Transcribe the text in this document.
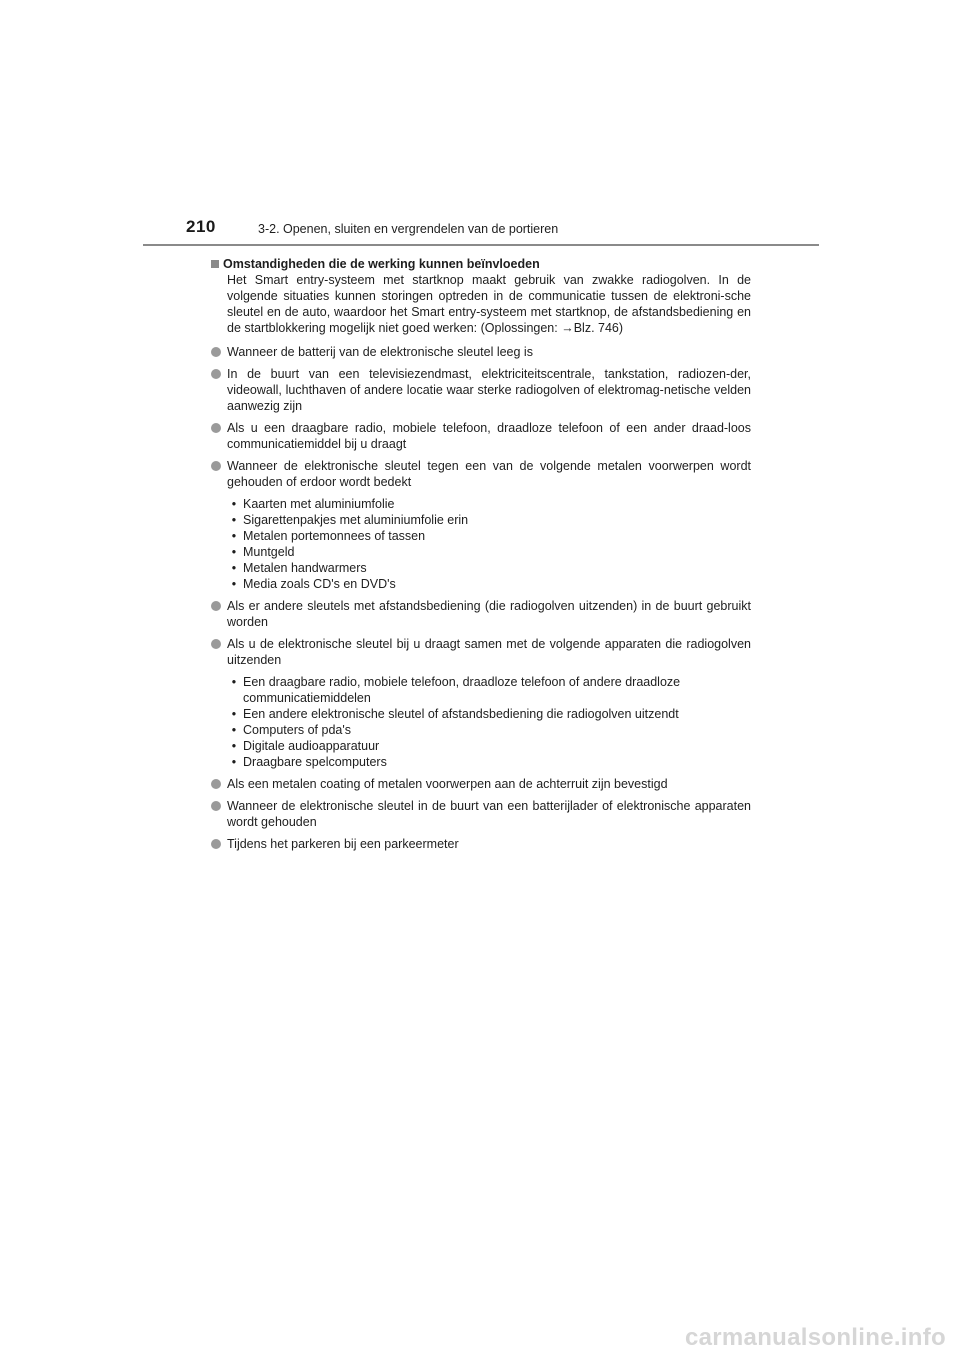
210	3-2. Openen, sluiten en vergrendelen van de portieren
Omstandigheden die de werking kunnen beïnvloeden
Het Smart entry-systeem met startknop maakt gebruik van zwakke radiogolven. In de volgende situaties kunnen storingen optreden in de communicatie tussen de elektroni-sche sleutel en de auto, waardoor het Smart entry-systeem met startknop, de afstandsbediening en de startblokkering mogelijk niet goed werken: (Oplossingen: →Blz. 746)
Wanneer de batterij van de elektronische sleutel leeg is
In de buurt van een televisiezendmast, elektriciteitscentrale, tankstation, radiozen-der, videowall, luchthaven of andere locatie waar sterke radiogolven of elektromag-netische velden aanwezig zijn
Als u een draagbare radio, mobiele telefoon, draadloze telefoon of een ander draad-loos communicatiemiddel bij u draagt
Wanneer de elektronische sleutel tegen een van de volgende metalen voorwerpen wordt gehouden of erdoor wordt bedekt
• Kaarten met aluminiumfolie
• Sigarettenpakjes met aluminiumfolie erin
• Metalen portemonnees of tassen
• Muntgeld
• Metalen handwarmers
• Media zoals CD's en DVD's
Als er andere sleutels met afstandsbediening (die radiogolven uitzenden) in de buurt gebruikt worden
Als u de elektronische sleutel bij u draagt samen met de volgende apparaten die radiogolven uitzenden
• Een draagbare radio, mobiele telefoon, draadloze telefoon of andere draadloze communicatiemiddelen
• Een andere elektronische sleutel of afstandsbediening die radiogolven uitzendt
• Computers of pda's
• Digitale audioapparatuur
• Draagbare spelcomputers
Als een metalen coating of metalen voorwerpen aan de achterruit zijn bevestigd
Wanneer de elektronische sleutel in de buurt van een batterijlader of elektronische apparaten wordt gehouden
Tijdens het parkeren bij een parkeermeter
carmanualsonline.info
